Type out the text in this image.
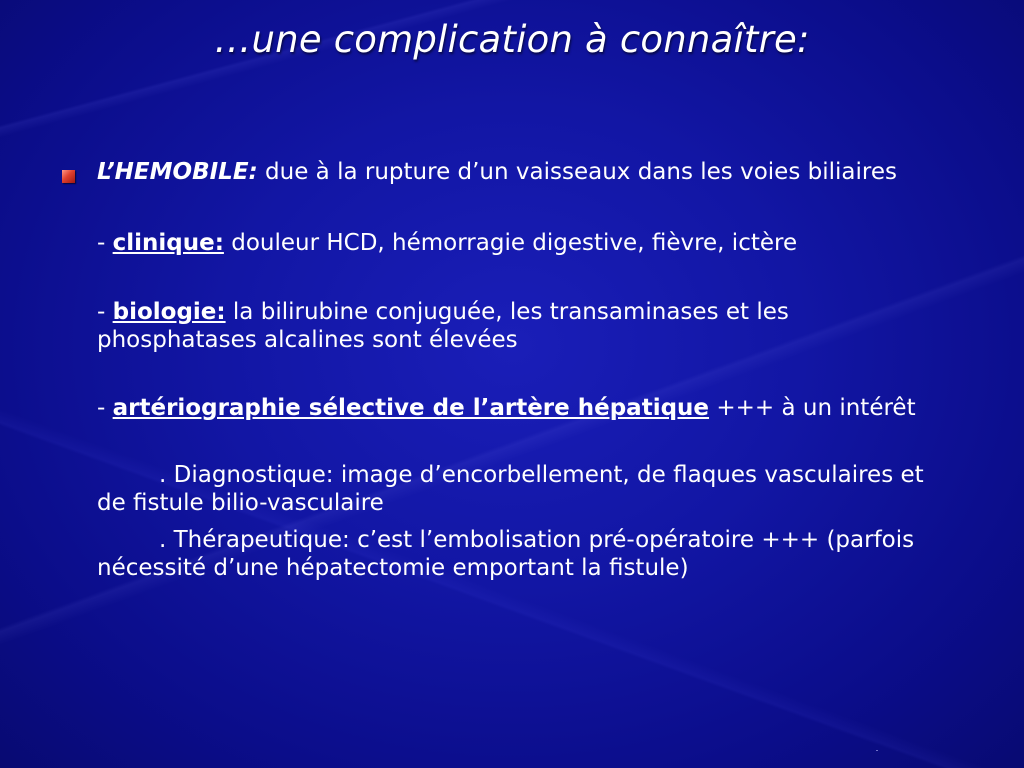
…une complication à connaître:

L’HEMOBILE: due à la rupture d’un vaisseaux dans les voies biliaires

- clinique: douleur HCD, hémorragie digestive, fièvre, ictère

- biologie: la bilirubine conjuguée, les transaminases et les
phosphatases alcalines sont élevées

- artériographie sélective de l’artère hépatique +++ à un intérêt

. Diagnostique: image d’encorbellement, de flaques vasculaires et
de fistule bilio-vasculaire
. Thérapeutique: c’est l’embolisation pré-opératoire +++ (parfois
nécessité d’une hépatectomie emportant la fistule)
